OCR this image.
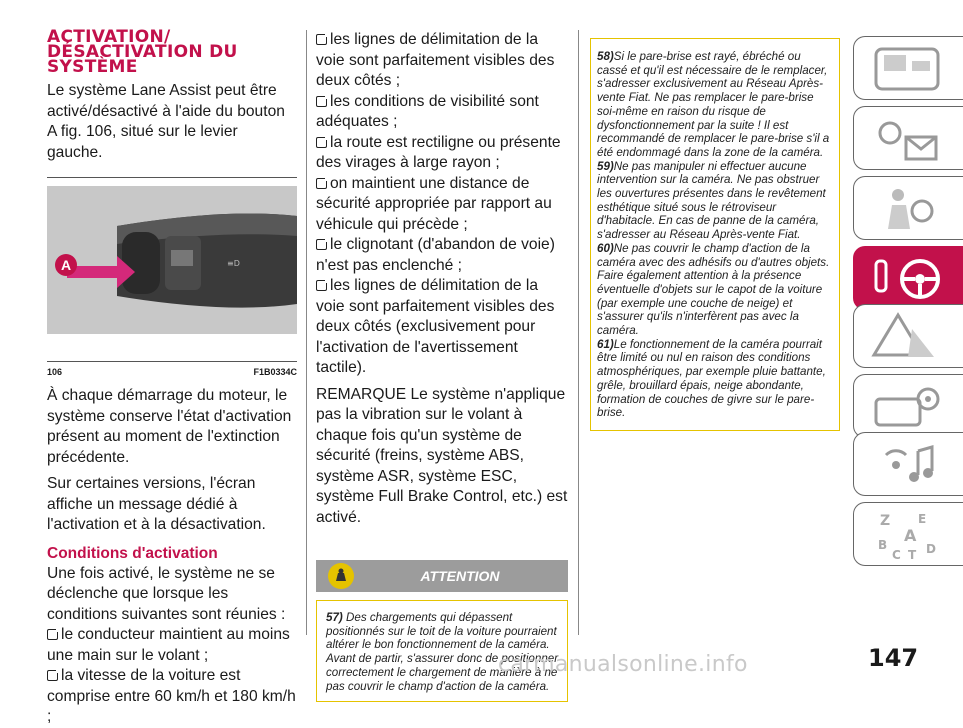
ACTIVATION/
DÉSACTIVATION DU
SYSTÈME

Le système Lane Assist peut être activé/désactivé à l'aide du bouton A fig. 106, situé sur le levier gauche.

≡D
A
106	F1B0334C

À chaque démarrage du moteur, le système conserve l'état d'activation présent au moment de l'extinction précédente.

Sur certaines versions, l'écran affiche un message dédié à l'activation et à la désactivation.

Conditions d'activation

Une fois activé, le système ne se déclenche que lorsque les conditions suivantes sont réunies :

le conducteur maintient au moins une main sur le volant ;

la vitesse de la voiture est comprise entre 60 km/h et 180 km/h ;

les lignes de délimitation de la voie sont parfaitement visibles des deux côtés ;

les conditions de visibilité sont adéquates ;

la route est rectiligne ou présente des virages à large rayon ;

on maintient une distance de sécurité appropriée par rapport au véhicule qui précède ;

le clignotant (d'abandon de voie) n'est pas enclenché ;

les lignes de délimitation de la voie sont parfaitement visibles des deux côtés (exclusivement pour l'activation de l'avertissement tactile).

REMARQUE Le système n'applique pas la vibration sur le volant à chaque fois qu'un système de sécurité (freins, système ABS, système ASR, système ESC, système Full Brake Control, etc.) est activé.

ATTENTION
57) Des chargements qui dépassent positionnés sur le toit de la voiture pourraient altérer le bon fonctionnement de la caméra. Avant de partir, s'assurer donc de positionner correctement le chargement de manière à ne pas couvrir le champ d'action de la caméra.
58)Si le pare-brise est rayé, ébréché ou cassé et qu'il est nécessaire de le remplacer, s'adresser exclusivement au Réseau Après-vente Fiat. Ne pas remplacer le pare-brise soi-même en raison du risque de dysfonctionnement par la suite ! Il est recommandé de remplacer le pare-brise s'il a été endommagé dans la zone de la caméra.
59)Ne pas manipuler ni effectuer aucune intervention sur la caméra. Ne pas obstruer les ouvertures présentes dans le revêtement esthétique situé sous le rétroviseur d'habitacle. En cas de panne de la caméra, s'adresser au Réseau Après-vente Fiat.
60)Ne pas couvrir le champ d'action de la caméra avec des adhésifs ou d'autres objets. Faire également attention à la présence éventuelle d'objets sur le capot de la voiture (par exemple une couche de neige) et s'assurer qu'ils n'interfèrent pas avec la caméra.
61)Le fonctionnement de la caméra pourrait être limité ou nul en raison des conditions atmosphériques, par exemple pluie battante, grêle, brouillard épais, neige abondante, formation de couches de givre sur le pare-brise.
Z E
A
B
C T D
carmanualsonline.info	147
